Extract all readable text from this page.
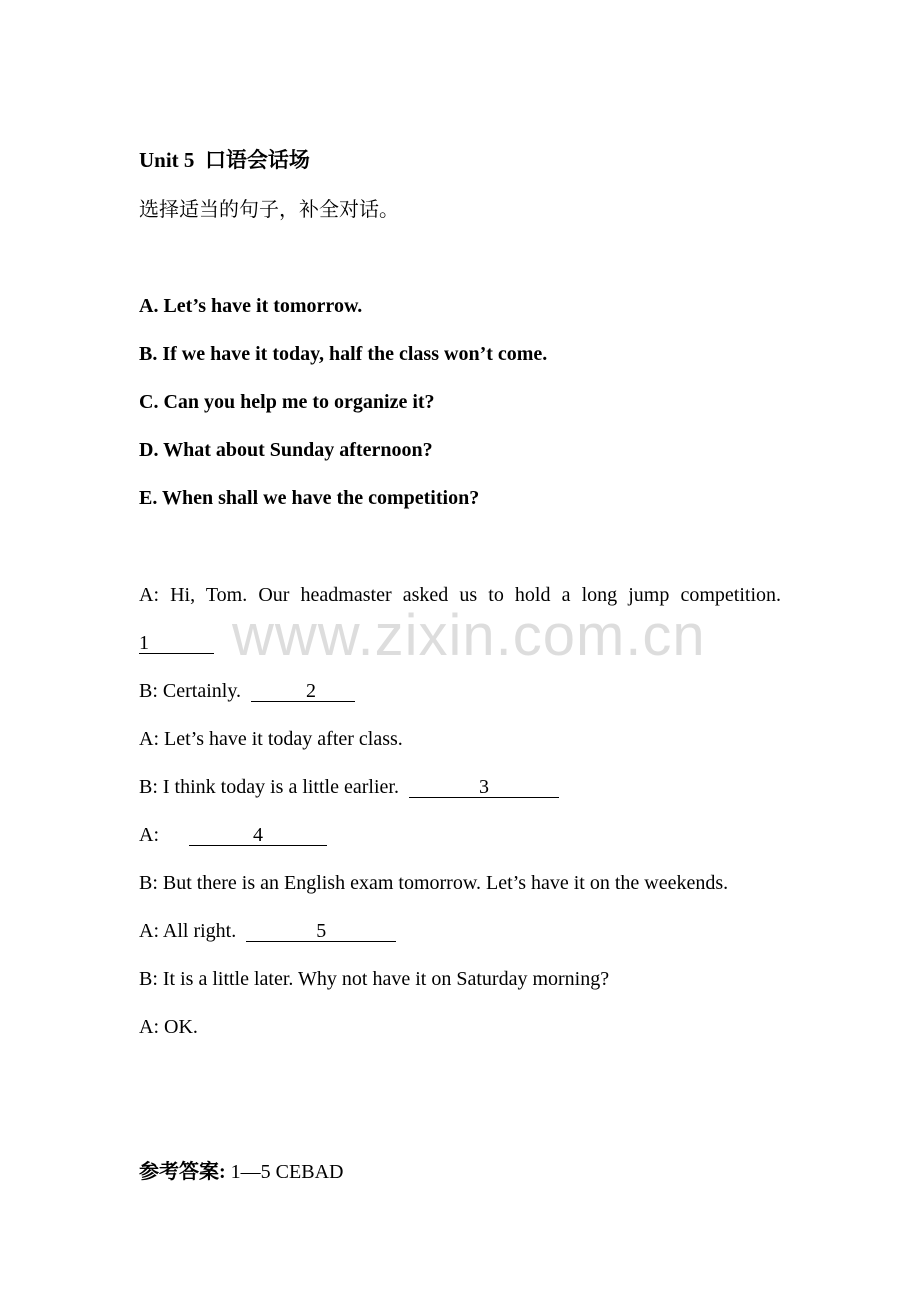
Unit 5 口语会话场
选择适当的句子，补全对话。
A. Let’s have it tomorrow.
B. If we have it today, half the class won’t come.
C. Can you help me to organize it?
D. What about Sunday afternoon?
E. When shall we have the competition?
A: Hi, Tom. Our headmaster asked us to hold a long jump competition.
1
B: Certainly.	2
A: Let’s have it today after class.
B: I think today is a little earlier.	3
A:	4
B: But there is an English exam tomorrow. Let’s have it on the weekends.
A: All right.	5
B: It is a little later. Why not have it on Saturday morning?
A: OK.
参考答案: 1—5 CEBAD
www.zixin.com.cn
